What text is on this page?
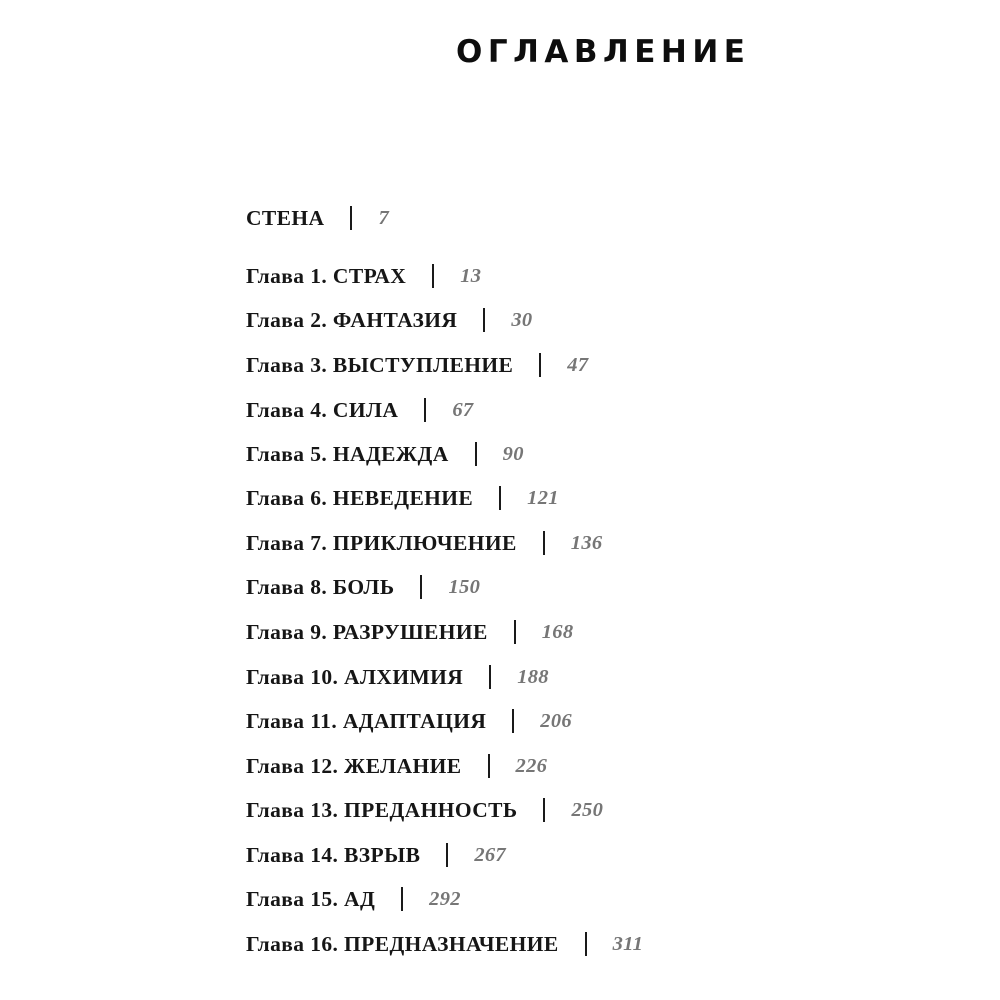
ОГЛАВЛЕНИЕ
СТЕНА	7
Глава 1. СТРАХ	13
Глава 2. ФАНТАЗИЯ	30
Глава 3. ВЫСТУПЛЕНИЕ	47
Глава 4. СИЛА	67
Глава 5. НАДЕЖДА	90
Глава 6. НЕВЕДЕНИЕ	121
Глава 7. ПРИКЛЮЧЕНИЕ	136
Глава 8. БОЛЬ	150
Глава 9. РАЗРУШЕНИЕ	168
Глава 10. АЛХИМИЯ	188
Глава 11. АДАПТАЦИЯ	206
Глава 12. ЖЕЛАНИЕ	226
Глава 13. ПРЕДАННОСТЬ	250
Глава 14. ВЗРЫВ	267
Глава 15. АД	292
Глава 16. ПРЕДНАЗНАЧЕНИЕ	311
